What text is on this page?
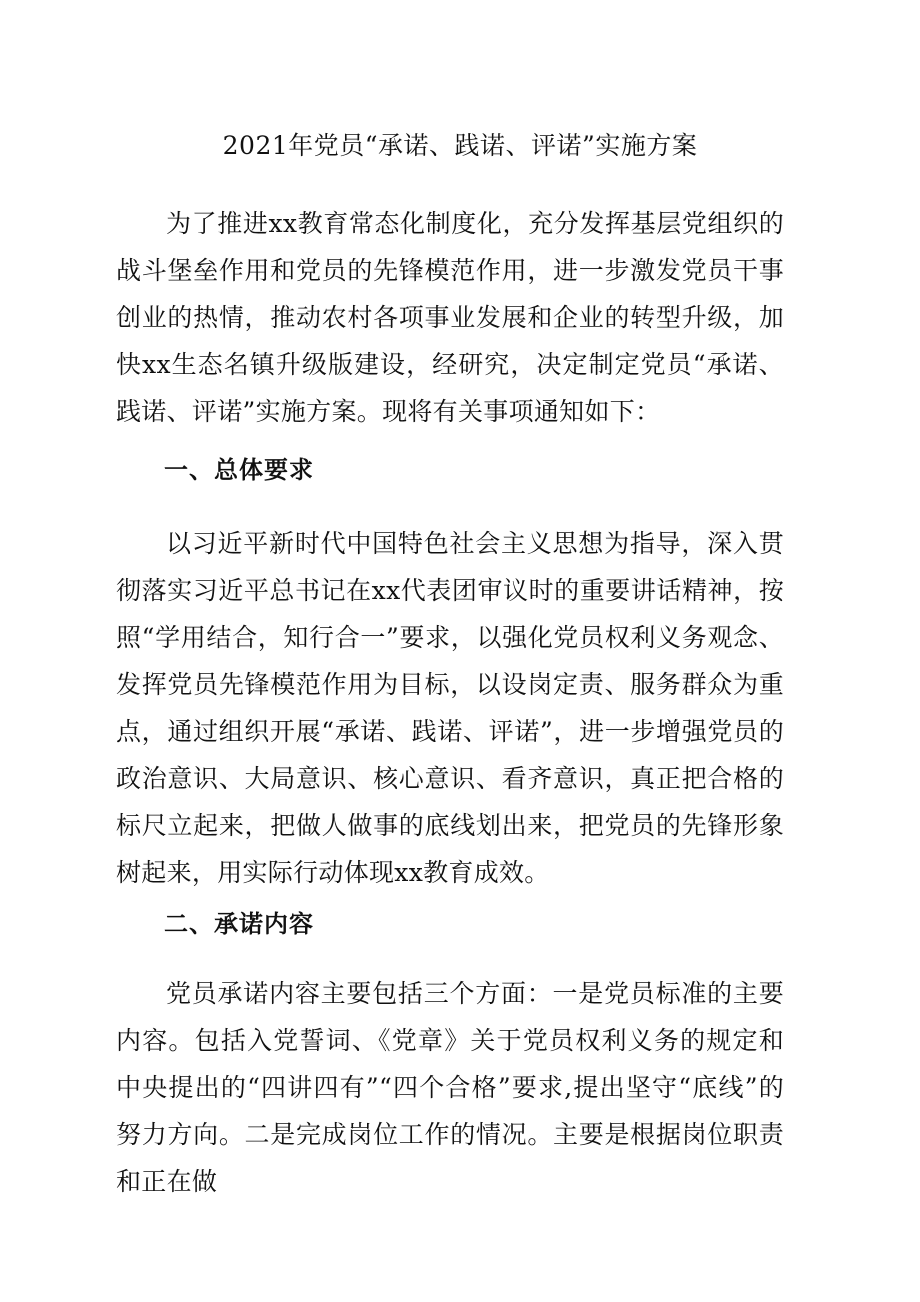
2021年党员“承诺、践诺、评诺”实施方案

为了推进xx教育常态化制度化，充分发挥基层党组织的战斗堡垒作用和党员的先锋模范作用，进一步激发党员干事创业的热情，推动农村各项事业发展和企业的转型升级，加快xx生态名镇升级版建设，经研究，决定制定党员“承诺、践诺、评诺”实施方案。现将有关事项通知如下：

一、总体要求

以习近平新时代中国特色社会主义思想为指导，深入贯彻落实习近平总书记在xx代表团审议时的重要讲话精神，按照“学用结合，知行合一”要求，以强化党员权利义务观念、发挥党员先锋模范作用为目标，以设岗定责、服务群众为重点，通过组织开展“承诺、践诺、评诺”，进一步增强党员的政治意识、大局意识、核心意识、看齐意识，真正把合格的标尺立起来，把做人做事的底线划出来，把党员的先锋形象树起来，用实际行动体现xx教育成效。

二、承诺内容

党员承诺内容主要包括三个方面：一是党员标准的主要内容。包括入党誓词、《党章》关于党员权利义务的规定和中央提出的“四讲四有”“四个合格”要求,提出坚守“底线”的努力方向。二是完成岗位工作的情况。主要是根据岗位职责和正在做
